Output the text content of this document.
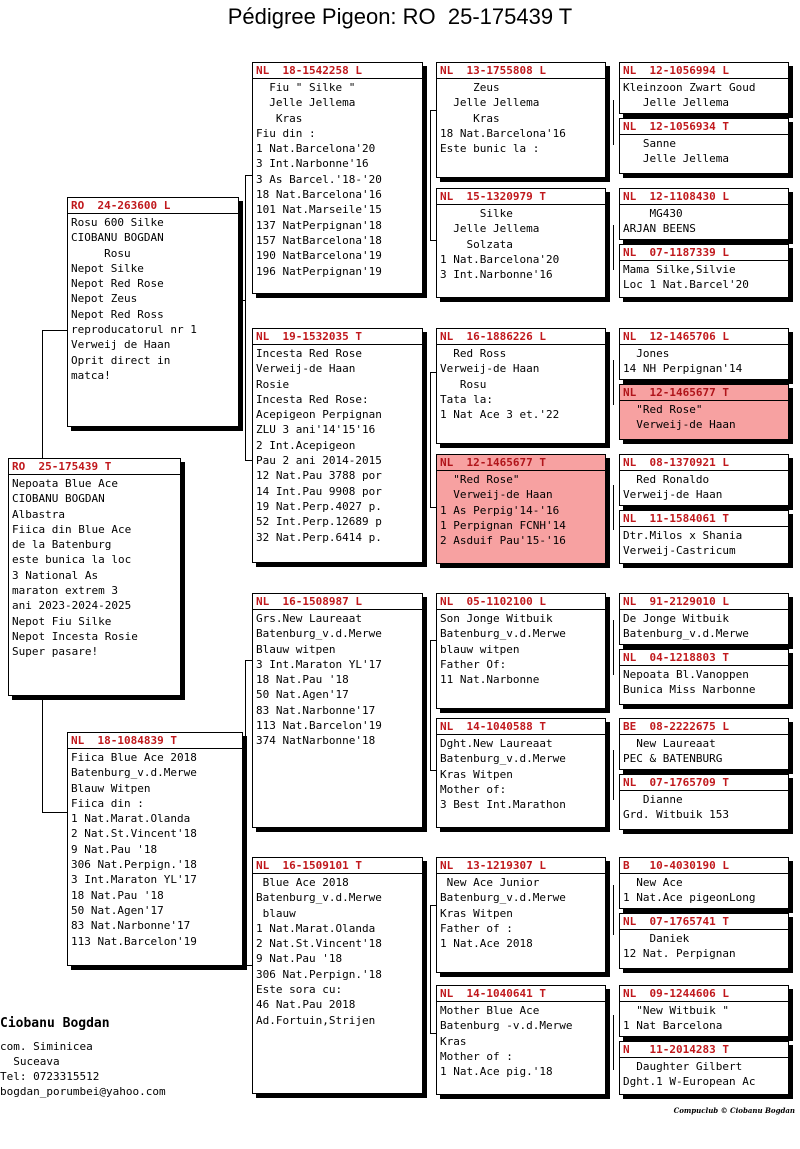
Pédigree Pigeon: RO  25-175439 T
RO  25-175439 T
Nepoata Blue Ace
CIOBANU BOGDAN
Albastra
Fiica din Blue Ace
de la Batenburg
este bunica la loc
3 National As
maraton extrem 3
ani 2023-2024-2025
Nepot Fiu Silke
Nepot Incesta Rosie
Super pasare!
RO  24-263600 L
Rosu 600 Silke
CIOBANU BOGDAN
Rosu
Nepot Silke
Nepot Red Rose
Nepot Zeus
Nepot Red Ross
reproducatorul nr 1
Verweij de Haan
Oprit direct in
matca!
NL  18-1084839 T
Fiica Blue Ace 2018
Batenburg_v.d.Merwe
Blauw Witpen
Fiica din :
1 Nat.Marat.Olanda
2 Nat.St.Vincent'18
9 Nat.Pau '18
306 Nat.Perpign.'18
3 Int.Maraton YL'17
18 Nat.Pau '18
50 Nat.Agen'17
83 Nat.Narbonne'17
113 Nat.Barcelon'19
NL  18-1542258 L
Fiu " Silke "
Jelle Jellema
Kras
Fiu din :
1 Nat.Barcelona'20
3 Int.Narbonne'16
3 As Barcel.'18-'20
18 Nat.Barcelona'16
101 Nat.Marseile'15
137 NatPerpignan'18
157 NatBarcelona'18
190 NatBarcelona'19
196 NatPerpignan'19
NL  19-1532035 T
Incesta Red Rose
Verweij-de Haan
Rosie
Incesta Red Rose:
Acepigeon Perpignan
ZLU 3 ani'14'15'16
2 Int.Acepigeon
Pau 2 ani 2014-2015
12 Nat.Pau 3788 por
14 Int.Pau 9908 por
19 Nat.Perp.4027 p.
52 Int.Perp.12689 p
32 Nat.Perp.6414 p.
NL  16-1508987 L
Grs.New Laureaat
Batenburg_v.d.Merwe
Blauw witpen
3 Int.Maraton YL'17
18 Nat.Pau '18
50 Nat.Agen'17
83 Nat.Narbonne'17
113 Nat.Barcelon'19
374 NatNarbonne'18
NL  16-1509101 T
Blue Ace 2018
Batenburg_v.d.Merwe
blauw
1 Nat.Marat.Olanda
2 Nat.St.Vincent'18
9 Nat.Pau '18
306 Nat.Perpign.'18
Este sora cu:
46 Nat.Pau 2018
Ad.Fortuin,Strijen
NL  13-1755808 L
Zeus
Jelle Jellema
Kras
18 Nat.Barcelona'16
Este bunic la :
NL  15-1320979 T
Silke
Jelle Jellema
Solzata
1 Nat.Barcelona'20
3 Int.Narbonne'16
NL  16-1886226 L
Red Ross
Verweij-de Haan
Rosu
Tata la:
1 Nat Ace 3 et.'22
NL  12-1465677 T
"Red Rose"
Verweij-de Haan
1 As Perpig'14-'16
1 Perpignan FCNH'14
2 Asduif Pau'15-'16
NL  05-1102100 L
Son Jonge Witbuik
Batenburg_v.d.Merwe
blauw witpen
Father Of:
11 Nat.Narbonne
NL  14-1040588 T
Dght.New Laureaat
Batenburg_v.d.Merwe
Kras Witpen
Mother of:
3 Best Int.Marathon
NL  13-1219307 L
New Ace Junior
Batenburg_v.d.Merwe
Kras Witpen
Father of :
1 Nat.Ace 2018
NL  14-1040641 T
Mother Blue Ace
Batenburg -v.d.Merwe
Kras
Mother of :
1 Nat.Ace pig.'18
NL  12-1056994 L
Kleinzoon Zwart Goud
Jelle Jellema
NL  12-1056934 T
Sanne
Jelle Jellema
NL  12-1108430 L
MG430
ARJAN BEENS
NL  07-1187339 L
Mama Silke,Silvie
Loc 1 Nat.Barcel'20
NL  12-1465706 L
Jones
14 NH Perpignan'14
NL  12-1465677 T
"Red Rose"
Verweij-de Haan
NL  08-1370921 L
Red Ronaldo
Verweij-de Haan
NL  11-1584061 T
Dtr.Milos x Shania
Verweij-Castricum
NL  91-2129010 L
De Jonge Witbuik
Batenburg_v.d.Merwe
NL  04-1218803 T
Nepoata Bl.Vanoppen
Bunica Miss Narbonne
BE  08-2222675 L
New Laureaat
PEC & BATENBURG
NL  07-1765709 T
Dianne
Grd. Witbuik 153
B   10-4030190 L
New Ace
1 Nat.Ace pigeonLong
NL  07-1765741 T
Daniek
12 Nat. Perpignan
NL  09-1244606 L
"New Witbuik "
1 Nat Barcelona
N   11-2014283 T
Daughter Gilbert
Dght.1 W-European Ac
Ciobanu Bogdan
com. Siminicea
Suceava
Tel: 0723315512
bogdan_porumbei@yahoo.com
Compuclub © Ciobanu Bogdan
